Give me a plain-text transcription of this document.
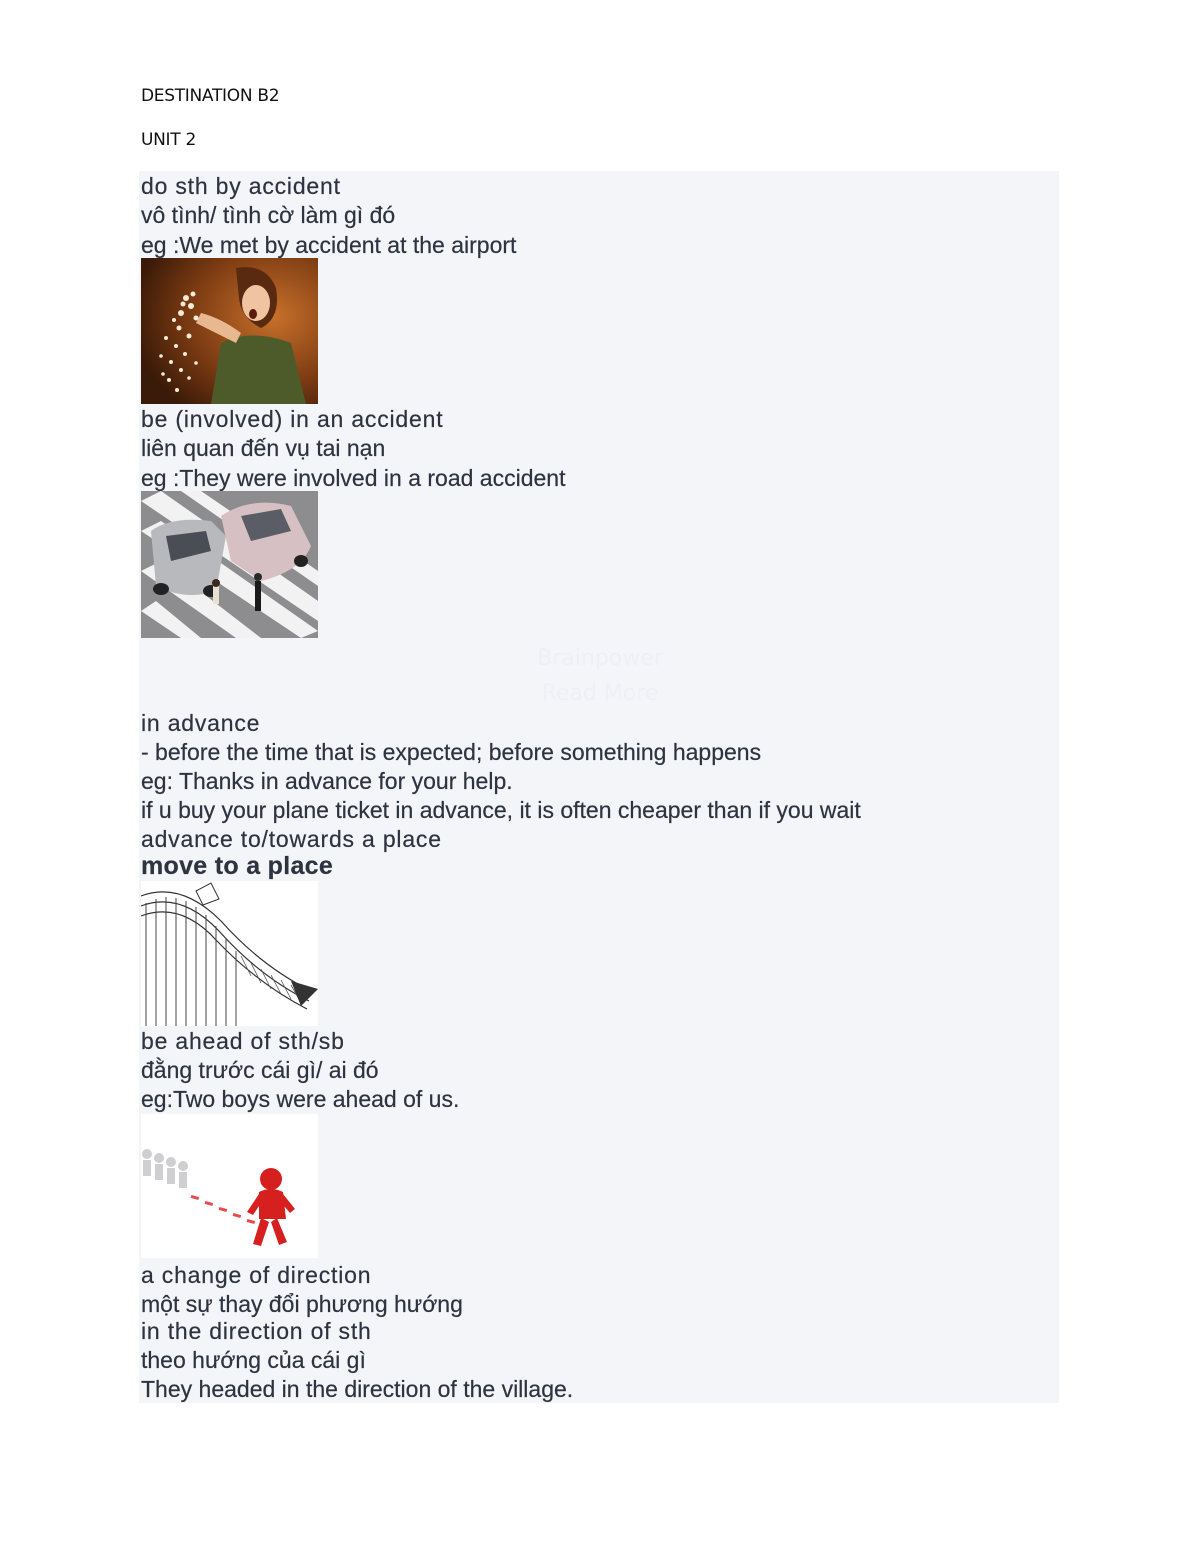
DESTINATION B2
UNIT 2
do sth by accident
vô tình/ tình cờ làm gì đó
eg :We met by accident at the airport
be (involved) in an accident
liên quan đến vụ tai nạn
eg :They were involved in a road accident
Brainpower
Read More
in advance
- before the time that is expected; before something happens
eg: Thanks in advance for your help.
if u buy your plane ticket in advance, it is often cheaper than if you wait
advance to/towards a place
move to a place
be ahead of sth/sb
đằng trước cái gì/ ai đó
eg:Two boys were ahead of us.
a change of direction
một sự thay đổi phương hướng
in the direction of sth
theo hướng của cái gì
They headed in the direction of the village.
